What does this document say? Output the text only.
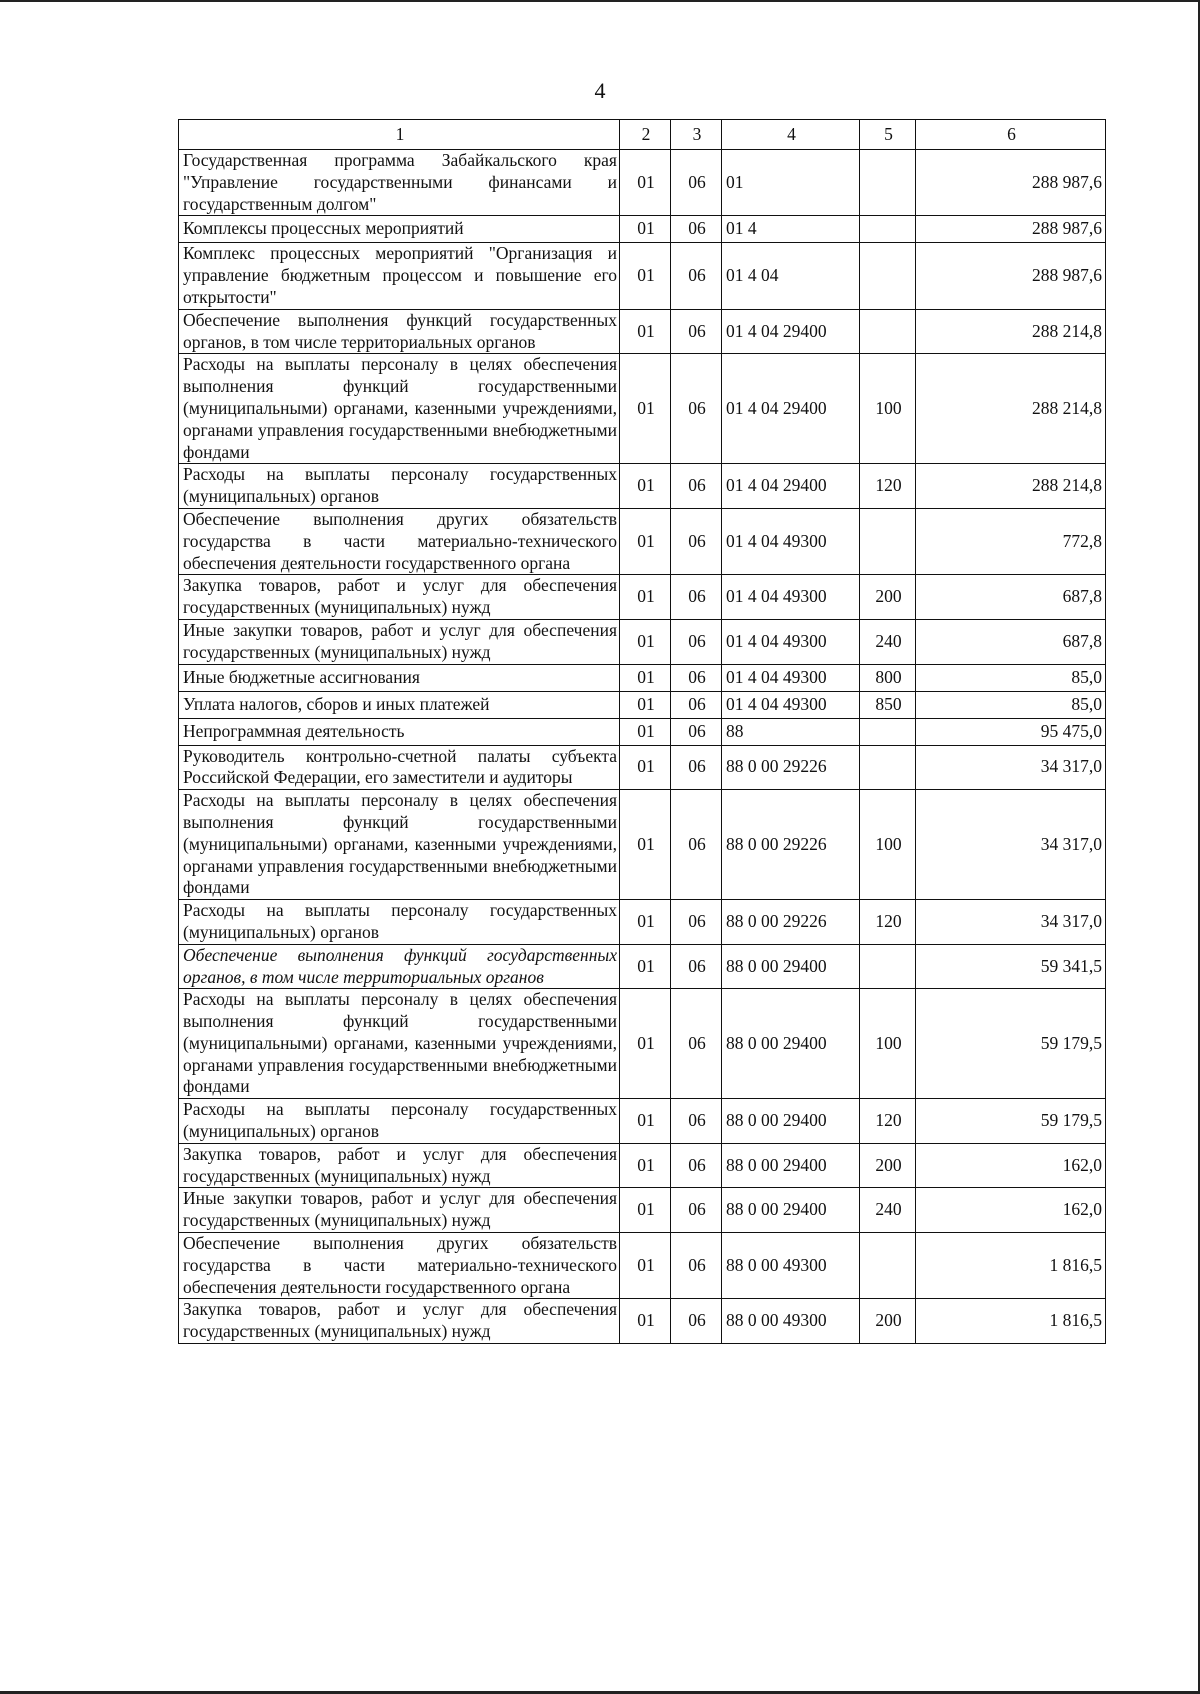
4
1	2	3	4	5	6
Государственная программа Забайкальского края "Управление государственными финансами и государственным долгом"	01	06	01		288 987,6
Комплексы процессных мероприятий	01	06	01 4		288 987,6
Комплекс процессных мероприятий "Организация и управление бюджетным процессом и повышение его открытости"	01	06	01 4 04		288 987,6
Обеспечение выполнения функций государственных органов, в том числе территориальных органов	01	06	01 4 04 29400		288 214,8
Расходы на выплаты персоналу в целях обеспечения выполнения функций государственными (муниципальными) органами, казенными учреждениями, органами управления государственными внебюджетными фондами	01	06	01 4 04 29400	100	288 214,8
Расходы на выплаты персоналу государственных (муниципальных) органов	01	06	01 4 04 29400	120	288 214,8
Обеспечение выполнения других обязательств государства в части материально-технического обеспечения деятельности государственного органа	01	06	01 4 04 49300		772,8
Закупка товаров, работ и услуг для обеспечения государственных (муниципальных) нужд	01	06	01 4 04 49300	200	687,8
Иные закупки товаров, работ и услуг для обеспечения государственных (муниципальных) нужд	01	06	01 4 04 49300	240	687,8
Иные бюджетные ассигнования	01	06	01 4 04 49300	800	85,0
Уплата налогов, сборов и иных платежей	01	06	01 4 04 49300	850	85,0
Непрограммная деятельность	01	06	88		95 475,0
Руководитель контрольно-счетной палаты субъекта Российской Федерации, его заместители и аудиторы	01	06	88 0 00 29226		34 317,0
Расходы на выплаты персоналу в целях обеспечения выполнения функций государственными (муниципальными) органами, казенными учреждениями, органами управления государственными внебюджетными фондами	01	06	88 0 00 29226	100	34 317,0
Расходы на выплаты персоналу государственных (муниципальных) органов	01	06	88 0 00 29226	120	34 317,0
Обеспечение выполнения функций государственных органов, в том числе территориальных органов	01	06	88 0 00 29400		59 341,5
Расходы на выплаты персоналу в целях обеспечения выполнения функций государственными (муниципальными) органами, казенными учреждениями, органами управления государственными внебюджетными фондами	01	06	88 0 00 29400	100	59 179,5
Расходы на выплаты персоналу государственных (муниципальных) органов	01	06	88 0 00 29400	120	59 179,5
Закупка товаров, работ и услуг для обеспечения государственных (муниципальных) нужд	01	06	88 0 00 29400	200	162,0
Иные закупки товаров, работ и услуг для обеспечения государственных (муниципальных) нужд	01	06	88 0 00 29400	240	162,0
Обеспечение выполнения других обязательств государства в части материально-технического обеспечения деятельности государственного органа	01	06	88 0 00 49300		1 816,5
Закупка товаров, работ и услуг для обеспечения государственных (муниципальных) нужд	01	06	88 0 00 49300	200	1 816,5
